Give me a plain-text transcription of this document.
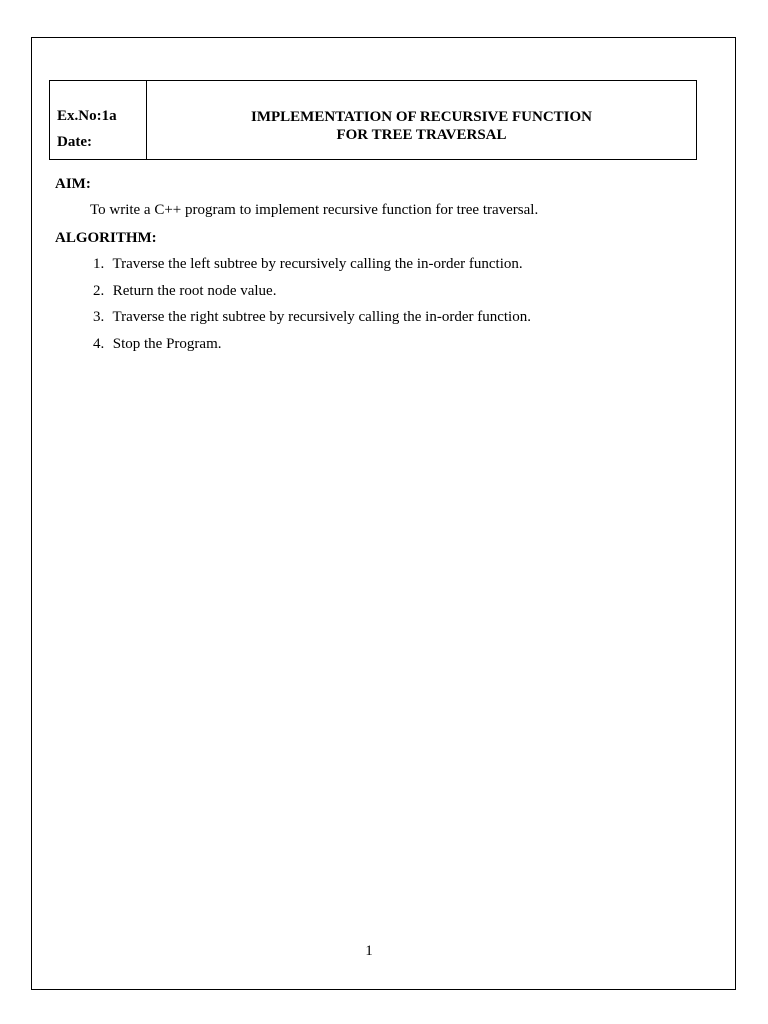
Ex.No:1a
Date:
IMPLEMENTATION OF RECURSIVE FUNCTION
FOR TREE TRAVERSAL
AIM:
To write a C++ program to implement recursive function for tree traversal.
ALGORITHM:
1. Traverse the left subtree by recursively calling the in-order function.
2. Return the root node value.
3. Traverse the right subtree by recursively calling the in-order function.
4. Stop the Program.
1
